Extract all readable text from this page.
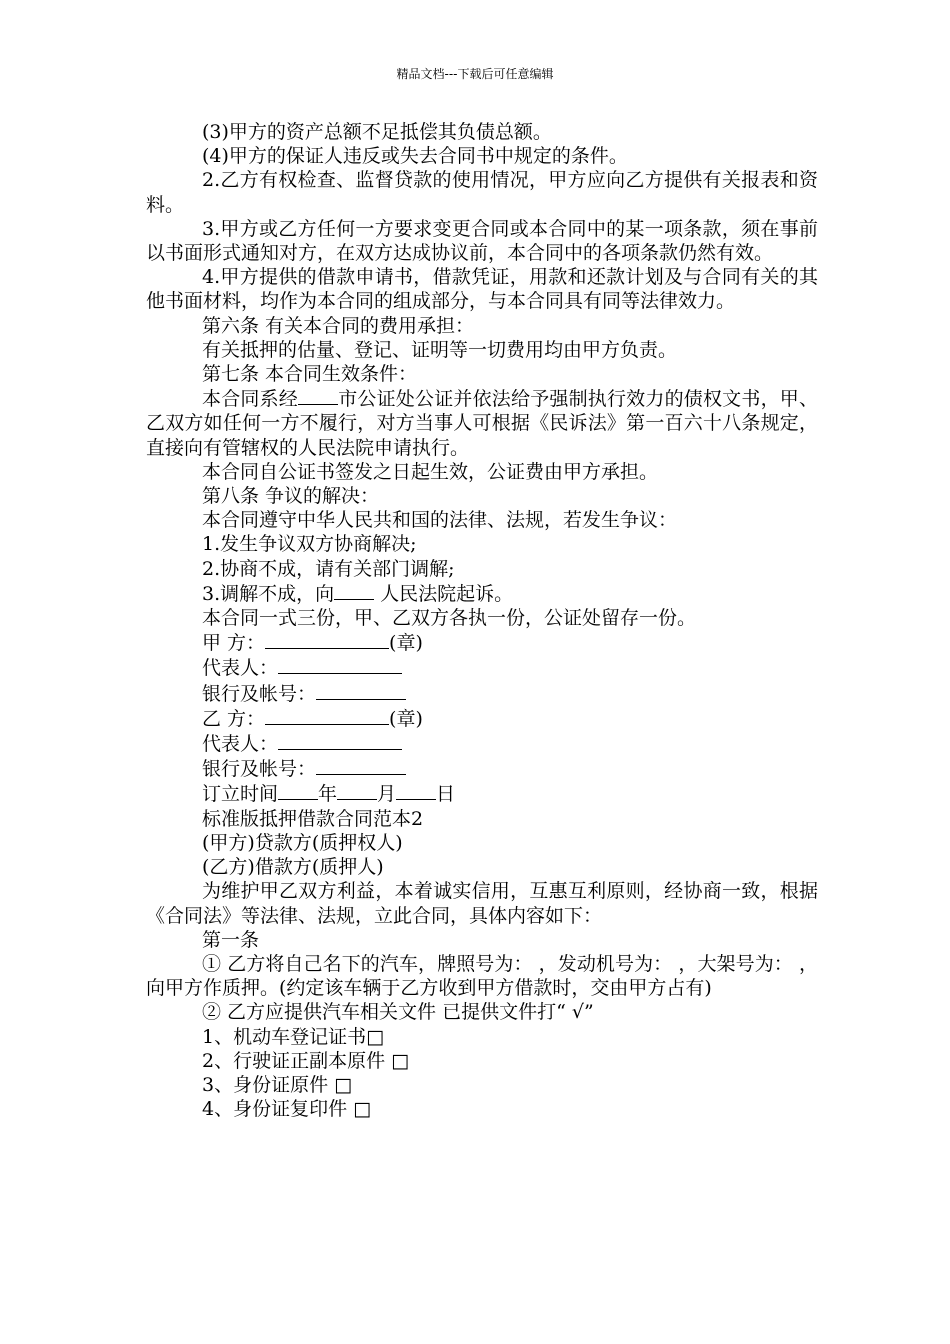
精品文档---下载后可任意编辑

(3)甲方的资产总额不足抵偿其负债总额。

(4)甲方的保证人违反或失去合同书中规定的条件。

2.乙方有权检查、监督贷款的使用情况，甲方应向乙方提供有关报表和资料。

3.甲方或乙方任何一方要求变更合同或本合同中的某一项条款，须在事前以书面形式通知对方，在双方达成协议前，本合同中的各项条款仍然有效。

4.甲方提供的借款申请书，借款凭证，用款和还款计划及与合同有关的其他书面材料，均作为本合同的组成部分，与本合同具有同等法律效力。

第六条 有关本合同的费用承担：

有关抵押的估量、登记、证明等一切费用均由甲方负责。

第七条 本合同生效条件：

本合同系经 市公证处公证并依法给予强制执行效力的债权文书，甲、乙双方如任何一方不履行，对方当事人可根据《民诉法》第一百六十八条规定，直接向有管辖权的人民法院申请执行。

本合同自公证书签发之日起生效，公证费由甲方承担。

第八条 争议的解决：

本合同遵守中华人民共和国的法律、法规，若发生争议：

1.发生争议双方协商解决;

2.协商不成，请有关部门调解;

3.调解不成，向 人民法院起诉。

本合同一式三份，甲、乙双方各执一份，公证处留存一份。

甲 方：	(章)

代表人：

银行及帐号：

乙 方：	(章)

代表人：

银行及帐号：

订立时间 年 月 日

标准版抵押借款合同范本2

(甲方)贷款方(质押权人)

(乙方)借款方(质押人)

为维护甲乙双方利益，本着诚实信用，互惠互利原则，经协商一致，根据《合同法》等法律、法规，立此合同，具体内容如下：

第一条

① 乙方将自己名下的汽车，牌照号为： ，发动机号为： ，大架号为： ，向甲方作质押。(约定该车辆于乙方收到甲方借款时，交由甲方占有)

② 乙方应提供汽车相关文件 已提供文件打“ √”

1、机动车登记证书□

2、行驶证正副本原件 □

3、身份证原件 □

4、身份证复印件 □
